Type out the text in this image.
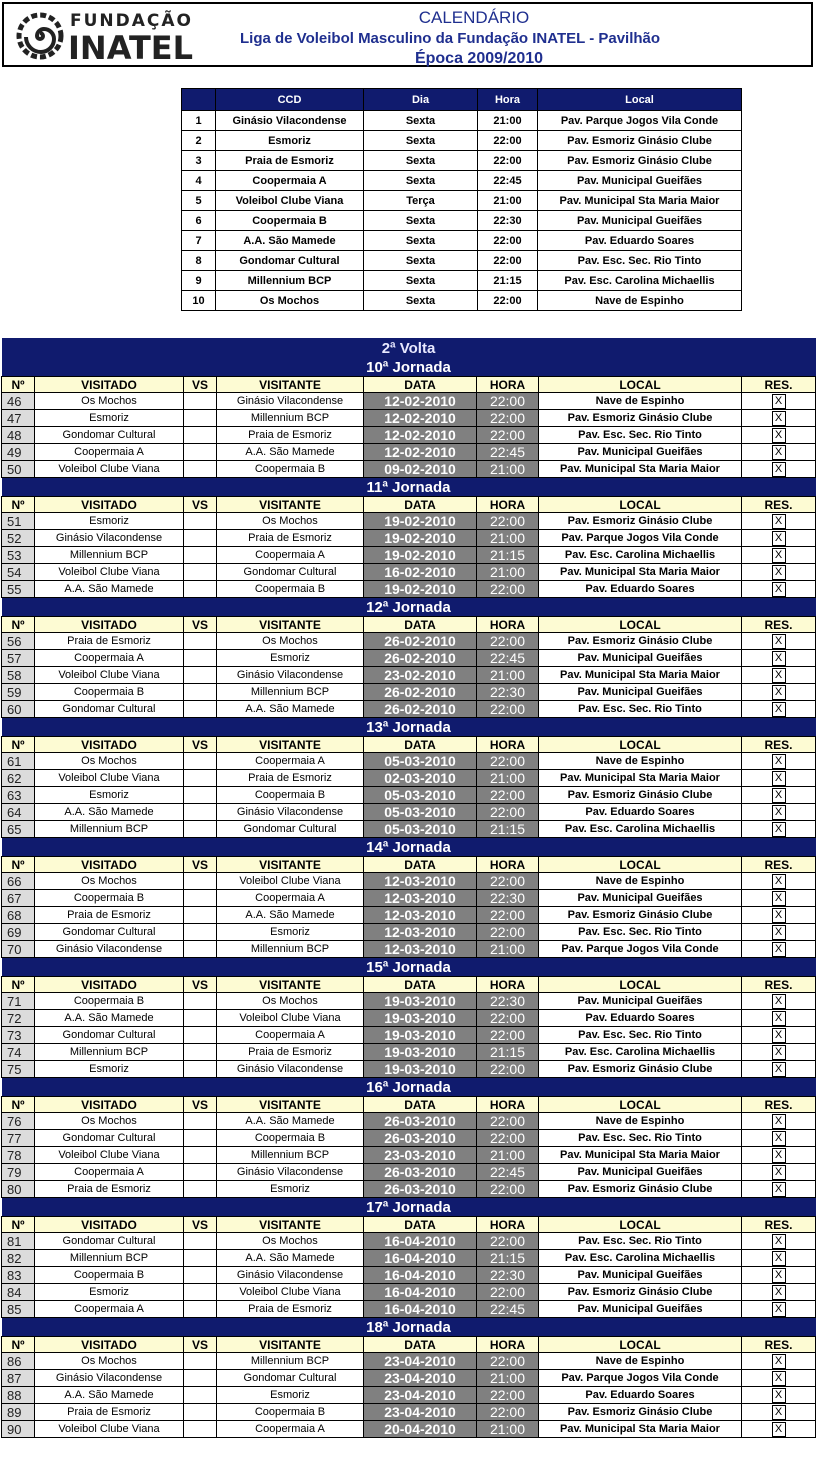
FUNDAÇÃO
INATEL
CALENDÁRIO
Liga de Voleibol Masculino da Fundação INATEL - Pavilhão
Época 2009/2010
	CCD	Dia	Hora	Local
1	Ginásio Vilacondense	Sexta	21:00	Pav. Parque Jogos Vila Conde
2	Esmoriz	Sexta	22:00	Pav. Esmoriz Ginásio Clube
3	Praia de Esmoriz	Sexta	22:00	Pav. Esmoriz Ginásio Clube
4	Coopermaia A	Sexta	22:45	Pav. Municipal Gueifães
5	Voleibol Clube Viana	Terça	21:00	Pav. Municipal Sta Maria Maior
6	Coopermaia B	Sexta	22:30	Pav. Municipal Gueifães
7	A.A. São Mamede	Sexta	22:00	Pav. Eduardo Soares
8	Gondomar Cultural	Sexta	22:00	Pav. Esc. Sec. Rio Tinto
9	Millennium BCP	Sexta	21:15	Pav. Esc. Carolina Michaellis
10	Os Mochos	Sexta	22:00	Nave de Espinho
2ª Volta							
10ª Jornada							
Nº	VISITADO	VS	VISITANTE	DATA	HORA	LOCAL	RES.
46	Os Mochos		Ginásio Vilacondense	12-02-2010	22:00	Nave de Espinho	X
47	Esmoriz		Millennium BCP	12-02-2010	22:00	Pav. Esmoriz Ginásio Clube	X
48	Gondomar Cultural		Praia de Esmoriz	12-02-2010	22:00	Pav. Esc. Sec. Rio Tinto	X
49	Coopermaia A		A.A. São Mamede	12-02-2010	22:45	Pav. Municipal Gueifães	X
50	Voleibol Clube Viana		Coopermaia B	09-02-2010	21:00	Pav. Municipal Sta Maria Maior	X
11ª Jornada							
Nº	VISITADO	VS	VISITANTE	DATA	HORA	LOCAL	RES.
51	Esmoriz		Os Mochos	19-02-2010	22:00	Pav. Esmoriz Ginásio Clube	X
52	Ginásio Vilacondense		Praia de Esmoriz	19-02-2010	21:00	Pav. Parque Jogos Vila Conde	X
53	Millennium BCP		Coopermaia A	19-02-2010	21:15	Pav. Esc. Carolina Michaellis	X
54	Voleibol Clube Viana		Gondomar Cultural	16-02-2010	21:00	Pav. Municipal Sta Maria Maior	X
55	A.A. São Mamede		Coopermaia B	19-02-2010	22:00	Pav. Eduardo Soares	X
12ª Jornada							
Nº	VISITADO	VS	VISITANTE	DATA	HORA	LOCAL	RES.
56	Praia de Esmoriz		Os Mochos	26-02-2010	22:00	Pav. Esmoriz Ginásio Clube	X
57	Coopermaia A		Esmoriz	26-02-2010	22:45	Pav. Municipal Gueifães	X
58	Voleibol Clube Viana		Ginásio Vilacondense	23-02-2010	21:00	Pav. Municipal Sta Maria Maior	X
59	Coopermaia B		Millennium BCP	26-02-2010	22:30	Pav. Municipal Gueifães	X
60	Gondomar Cultural		A.A. São Mamede	26-02-2010	22:00	Pav. Esc. Sec. Rio Tinto	X
13ª Jornada							
Nº	VISITADO	VS	VISITANTE	DATA	HORA	LOCAL	RES.
61	Os Mochos		Coopermaia A	05-03-2010	22:00	Nave de Espinho	X
62	Voleibol Clube Viana		Praia de Esmoriz	02-03-2010	21:00	Pav. Municipal Sta Maria Maior	X
63	Esmoriz		Coopermaia B	05-03-2010	22:00	Pav. Esmoriz Ginásio Clube	X
64	A.A. São Mamede		Ginásio Vilacondense	05-03-2010	22:00	Pav. Eduardo Soares	X
65	Millennium BCP		Gondomar Cultural	05-03-2010	21:15	Pav. Esc. Carolina Michaellis	X
14ª Jornada							
Nº	VISITADO	VS	VISITANTE	DATA	HORA	LOCAL	RES.
66	Os Mochos		Voleibol Clube Viana	12-03-2010	22:00	Nave de Espinho	X
67	Coopermaia B		Coopermaia A	12-03-2010	22:30	Pav. Municipal Gueifães	X
68	Praia de Esmoriz		A.A. São Mamede	12-03-2010	22:00	Pav. Esmoriz Ginásio Clube	X
69	Gondomar Cultural		Esmoriz	12-03-2010	22:00	Pav. Esc. Sec. Rio Tinto	X
70	Ginásio Vilacondense		Millennium BCP	12-03-2010	21:00	Pav. Parque Jogos Vila Conde	X
15ª Jornada							
Nº	VISITADO	VS	VISITANTE	DATA	HORA	LOCAL	RES.
71	Coopermaia B		Os Mochos	19-03-2010	22:30	Pav. Municipal Gueifães	X
72	A.A. São Mamede		Voleibol Clube Viana	19-03-2010	22:00	Pav. Eduardo Soares	X
73	Gondomar Cultural		Coopermaia A	19-03-2010	22:00	Pav. Esc. Sec. Rio Tinto	X
74	Millennium BCP		Praia de Esmoriz	19-03-2010	21:15	Pav. Esc. Carolina Michaellis	X
75	Esmoriz		Ginásio Vilacondense	19-03-2010	22:00	Pav. Esmoriz Ginásio Clube	X
16ª Jornada							
Nº	VISITADO	VS	VISITANTE	DATA	HORA	LOCAL	RES.
76	Os Mochos		A.A. São Mamede	26-03-2010	22:00	Nave de Espinho	X
77	Gondomar Cultural		Coopermaia B	26-03-2010	22:00	Pav. Esc. Sec. Rio Tinto	X
78	Voleibol Clube Viana		Millennium BCP	23-03-2010	21:00	Pav. Municipal Sta Maria Maior	X
79	Coopermaia A		Ginásio Vilacondense	26-03-2010	22:45	Pav. Municipal Gueifães	X
80	Praia de Esmoriz		Esmoriz	26-03-2010	22:00	Pav. Esmoriz Ginásio Clube	X
17ª Jornada							
Nº	VISITADO	VS	VISITANTE	DATA	HORA	LOCAL	RES.
81	Gondomar Cultural		Os Mochos	16-04-2010	22:00	Pav. Esc. Sec. Rio Tinto	X
82	Millennium BCP		A.A. São Mamede	16-04-2010	21:15	Pav. Esc. Carolina Michaellis	X
83	Coopermaia B		Ginásio Vilacondense	16-04-2010	22:30	Pav. Municipal Gueifães	X
84	Esmoriz		Voleibol Clube Viana	16-04-2010	22:00	Pav. Esmoriz Ginásio Clube	X
85	Coopermaia A		Praia de Esmoriz	16-04-2010	22:45	Pav. Municipal Gueifães	X
18ª Jornada							
Nº	VISITADO	VS	VISITANTE	DATA	HORA	LOCAL	RES.
86	Os Mochos		Millennium BCP	23-04-2010	22:00	Nave de Espinho	X
87	Ginásio Vilacondense		Gondomar Cultural	23-04-2010	21:00	Pav. Parque Jogos Vila Conde	X
88	A.A. São Mamede		Esmoriz	23-04-2010	22:00	Pav. Eduardo Soares	X
89	Praia de Esmoriz		Coopermaia B	23-04-2010	22:00	Pav. Esmoriz Ginásio Clube	X
90	Voleibol Clube Viana		Coopermaia A	20-04-2010	21:00	Pav. Municipal Sta Maria Maior	X
